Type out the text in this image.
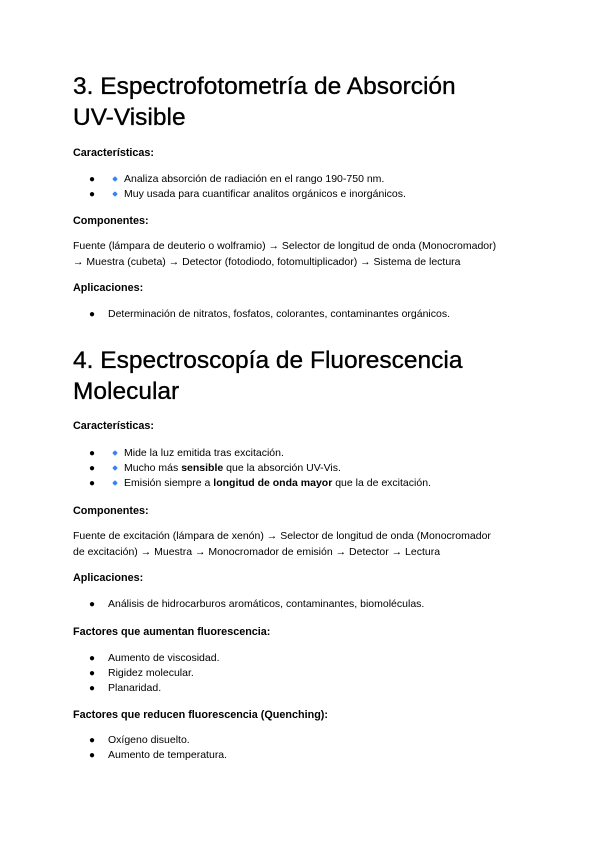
3. Espectrofotometría de Absorción
UV-Visible

Características:

●	Analiza absorción de radiación en el rango 190-750 nm.
●	Muy usada para cuantificar analitos orgánicos e inorgánicos.

Componentes:

Fuente (lámpara de deuterio o wolframio) → Selector de longitud de onda (Monocromador)
→ Muestra (cubeta) → Detector (fotodiodo, fotomultiplicador) → Sistema de lectura

Aplicaciones:

● Determinación de nitratos, fosfatos, colorantes, contaminantes orgánicos.
4. Espectroscopía de Fluorescencia
Molecular

Características:

●	Mide la luz emitida tras excitación.
●	Mucho más sensible que la absorción UV-Vis.
●	Emisión siempre a longitud de onda mayor que la de excitación.

Componentes:

Fuente de excitación (lámpara de xenón) → Selector de longitud de onda (Monocromador
de excitación) → Muestra → Monocromador de emisión → Detector → Lectura

Aplicaciones:

● Análisis de hidrocarburos aromáticos, contaminantes, biomoléculas.

Factores que aumentan fluorescencia:

● Aumento de viscosidad.
● Rigidez molecular.
● Planaridad.

Factores que reducen fluorescencia (Quenching):

● Oxígeno disuelto.
● Aumento de temperatura.
